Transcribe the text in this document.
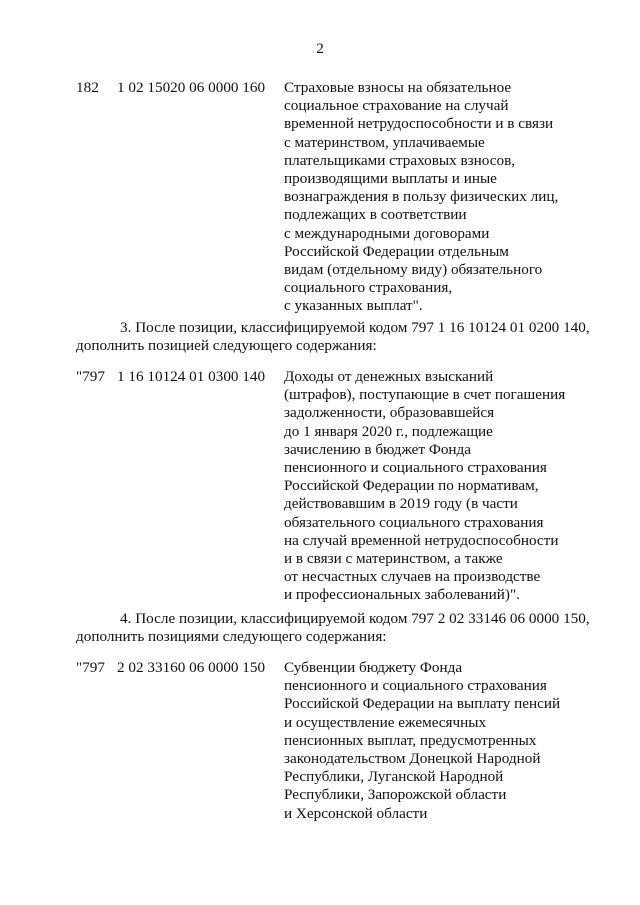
2
182 1 02 15020 06 0000 160 Страховые взносы на обязательное
социальное страхование на случай
временной нетрудоспособности и в связи
с материнством, уплачиваемые
плательщиками страховых взносов,
производящими выплаты и иные
вознаграждения в пользу физических лиц,
подлежащих в соответствии
с международными договорами
Российской Федерации отдельным
видам (отдельному виду) обязательного
социального страхования,
с указанных выплат".
3. После позиции, классифицируемой кодом 797 1 16 10124 01 0200 140,
дополнить позицией следующего содержания:
"797 1 16 10124 01 0300 140 Доходы от денежных взысканий
(штрафов), поступающие в счет погашения
задолженности, образовавшейся
до 1 января 2020 г., подлежащие
зачислению в бюджет Фонда
пенсионного и социального страхования
Российской Федерации по нормативам,
действовавшим в 2019 году (в части
обязательного социального страхования
на случай временной нетрудоспособности
и в связи с материнством, а также
от несчастных случаев на производстве
и профессиональных заболеваний)".
4. После позиции, классифицируемой кодом 797 2 02 33146 06 0000 150,
дополнить позициями следующего содержания:
"797 2 02 33160 06 0000 150 Субвенции бюджету Фонда
пенсионного и социального страхования
Российской Федерации на выплату пенсий
и осуществление ежемесячных
пенсионных выплат, предусмотренных
законодательством Донецкой Народной
Республики, Луганской Народной
Республики, Запорожской области
и Херсонской области
